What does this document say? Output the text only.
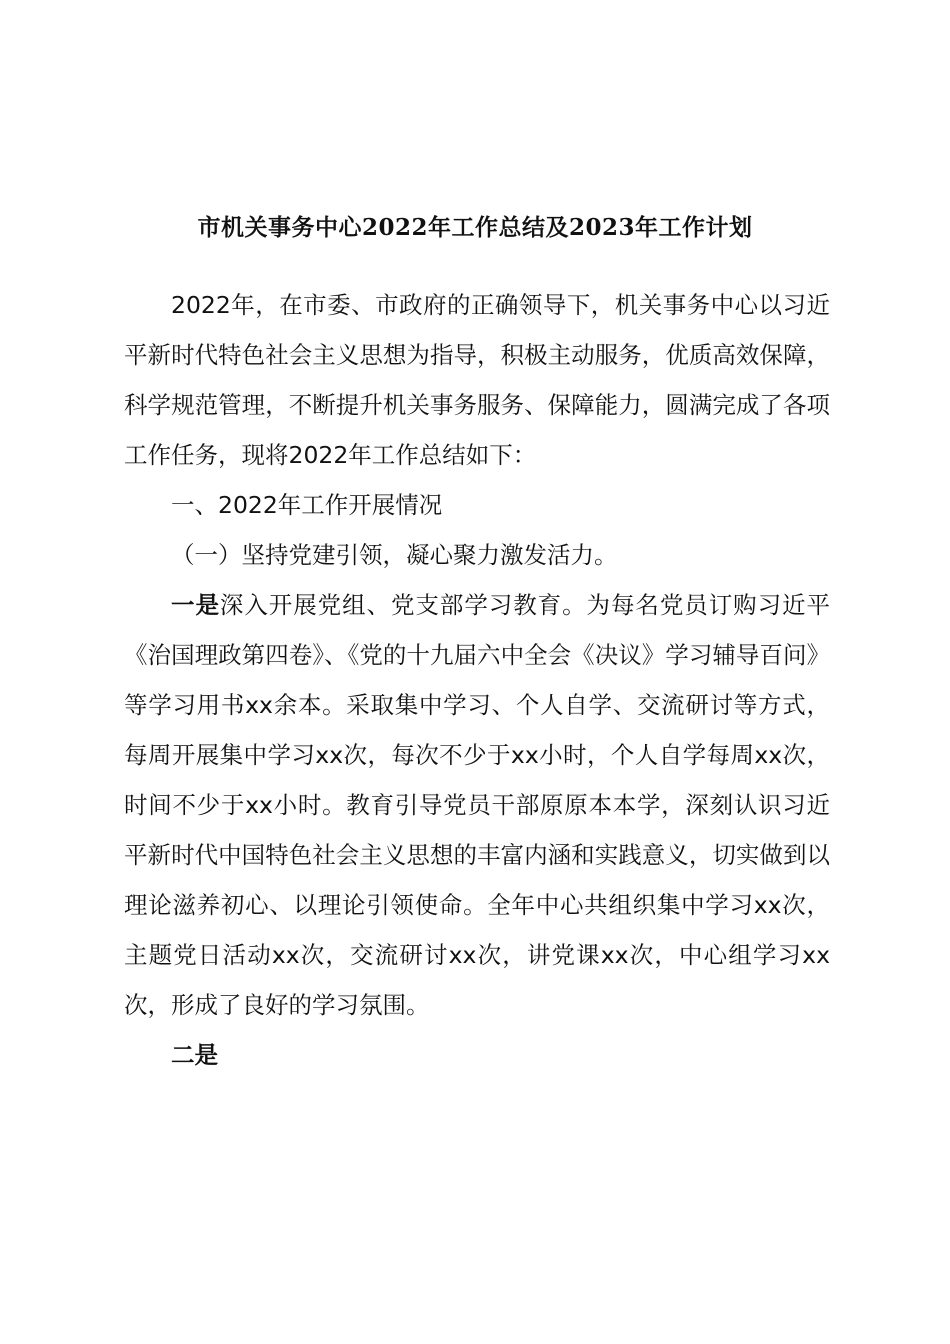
市机关事务中心2022年工作总结及2023年工作计划

2022年，在市委、市政府的正确领导下，机关事务中心以习近平新时代特色社会主义思想为指导，积极主动服务，优质高效保障，科学规范管理，不断提升机关事务服务、保障能力，圆满完成了各项工作任务，现将2022年工作总结如下：

一、2022年工作开展情况

（一）坚持党建引领，凝心聚力激发活力。

一是深入开展党组、党支部学习教育。为每名党员订购习近平《治国理政第四卷》、《党的十九届六中全会《决议》学习辅导百问》等学习用书xx余本。采取集中学习、个人自学、交流研讨等方式，每周开展集中学习xx次，每次不少于xx小时，个人自学每周xx次，时间不少于xx小时。教育引导党员干部原原本本学，深刻认识习近平新时代中国特色社会主义思想的丰富内涵和实践意义，切实做到以理论滋养初心、以理论引领使命。全年中心共组织集中学习xx次，主题党日活动xx次，交流研讨xx次，讲党课xx次，中心组学习xx次，形成了良好的学习氛围。

二是
